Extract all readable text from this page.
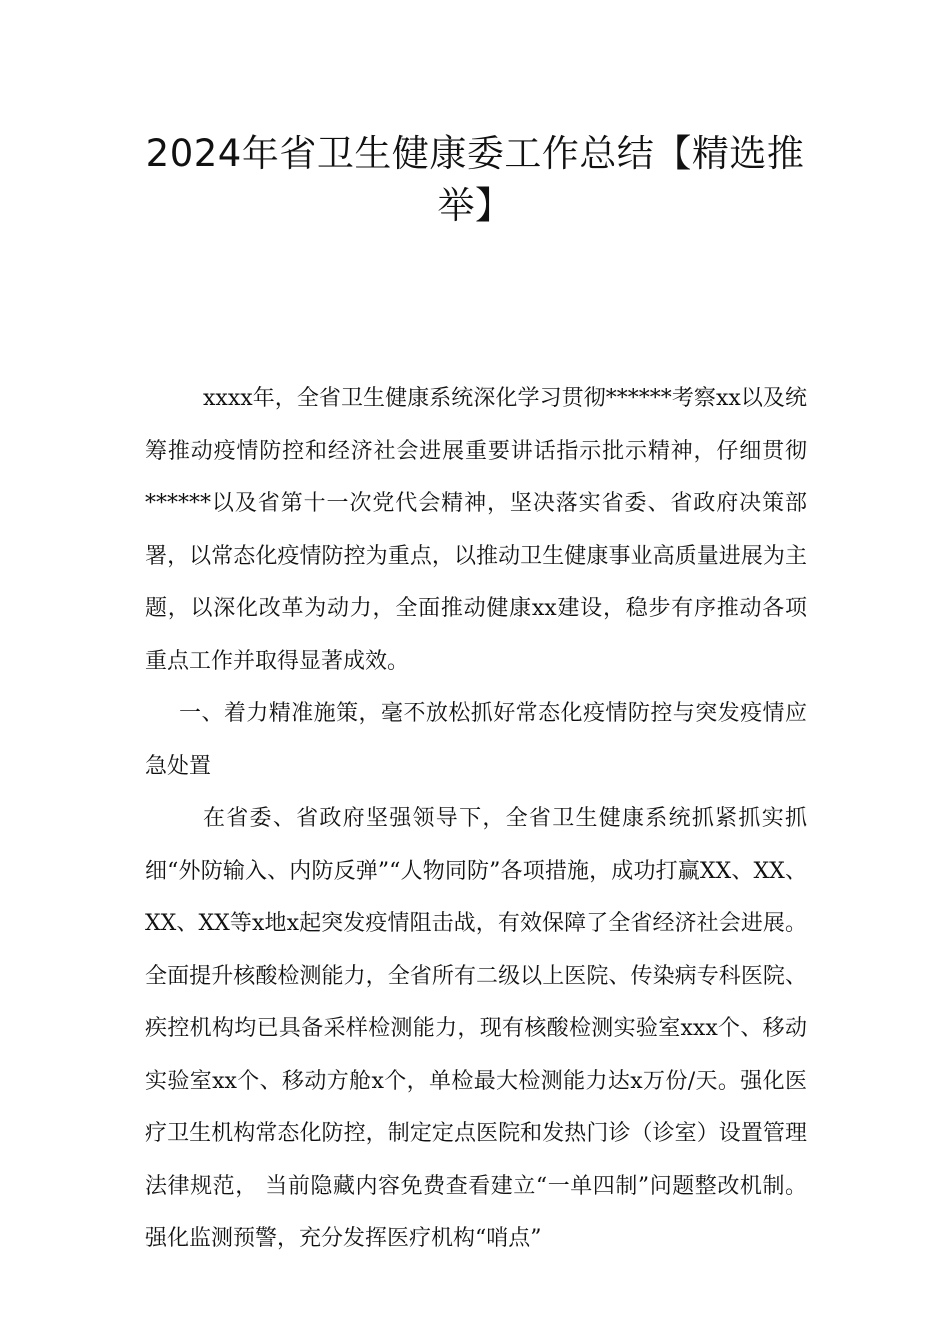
2024年省卫生健康委工作总结【精选推举】

xxxx年，全省卫生健康系统深化学习贯彻******考察xx以及统筹推动疫情防控和经济社会进展重要讲话指示批示精神，仔细贯彻******以及省第十一次党代会精神，坚决落实省委、省政府决策部署，以常态化疫情防控为重点，以推动卫生健康事业高质量进展为主题，以深化改革为动力，全面推动健康xx建设，稳步有序推动各项重点工作并取得显著成效。

一、着力精准施策，毫不放松抓好常态化疫情防控与突发疫情应急处置

在省委、省政府坚强领导下，全省卫生健康系统抓紧抓实抓细“外防输入、内防反弹”“人物同防”各项措施，成功打赢XX、XX、XX、XX等x地x起突发疫情阻击战，有效保障了全省经济社会进展。全面提升核酸检测能力，全省所有二级以上医院、传染病专科医院、疾控机构均已具备采样检测能力，现有核酸检测实验室xxx个、移动实验室xx个、移动方舱x个，单检最大检测能力达x万份/天。强化医疗卫生机构常态化防控，制定定点医院和发热门诊（诊室）设置管理法律规范， 当前隐藏内容免费查看建立“一单四制”问题整改机制。强化监测预警，充分发挥医疗机构“哨点”
